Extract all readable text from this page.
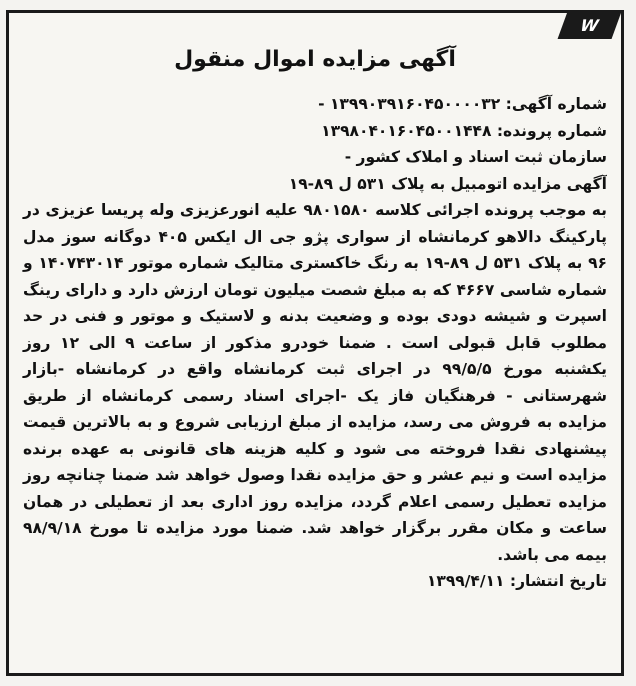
W
آگهی مزایده اموال منقول
شماره آگهی: ۱۳۹۹۰۳۹۱۶۰۴۵۰۰۰۰۳۲ -
شماره پرونده: ۱۳۹۸۰۴۰۱۶۰۴۵۰۰۱۴۴۸
سازمان ثبت اسناد و املاک کشور -
آگهی مزایده اتومبیل به پلاک ۵۳۱ ل ۸۹-۱۹
به موجب پرونده اجرائی کلاسه ۹۸۰۱۵۸۰ علیه انورعزیزی وله پریسا عزیزی در پارکینگ دالاهو کرمانشاه از سواری پژو جی ال ایکس ۴۰۵ دوگانه سوز مدل ۹۶ به پلاک ۵۳۱ ل ۸۹-۱۹ به رنگ خاکستری متالیک شماره موتور ۱۴۰۷۴۳۰۱۴ و شماره شاسی ۴۶۶۷ که به مبلغ شصت میلیون تومان ارزش دارد و دارای رینگ اسپرت و شیشه دودی بوده و وضعیت بدنه و لاستیک و موتور و فنی در حد مطلوب قابل قبولی است . ضمنا خودرو مذکور از ساعت ۹ الی ۱۲ روز یکشنبه مورخ ۹۹/۵/۵ در اجرای ثبت کرمانشاه واقع در کرمانشاه -بازار شهرستانی - فرهنگیان فاز یک -اجرای اسناد رسمی کرمانشاه از طریق مزایده به فروش می رسد، مزایده از مبلغ ارزیابی شروع و به بالاترین قیمت پیشنهادی نقدا فروخته می شود و کلیه هزینه های قانونی به عهده برنده مزایده است و نیم عشر و حق مزایده نقدا وصول خواهد شد ضمنا چنانچه روز مزایده تعطیل رسمی اعلام گردد، مزایده روز اداری بعد از تعطیلی در همان ساعت و مکان مقرر برگزار خواهد شد. ضمنا مورد مزایده تا مورخ ۹۸/۹/۱۸ بیمه می باشد.
تاریخ انتشار: ۱۳۹۹/۴/۱۱
